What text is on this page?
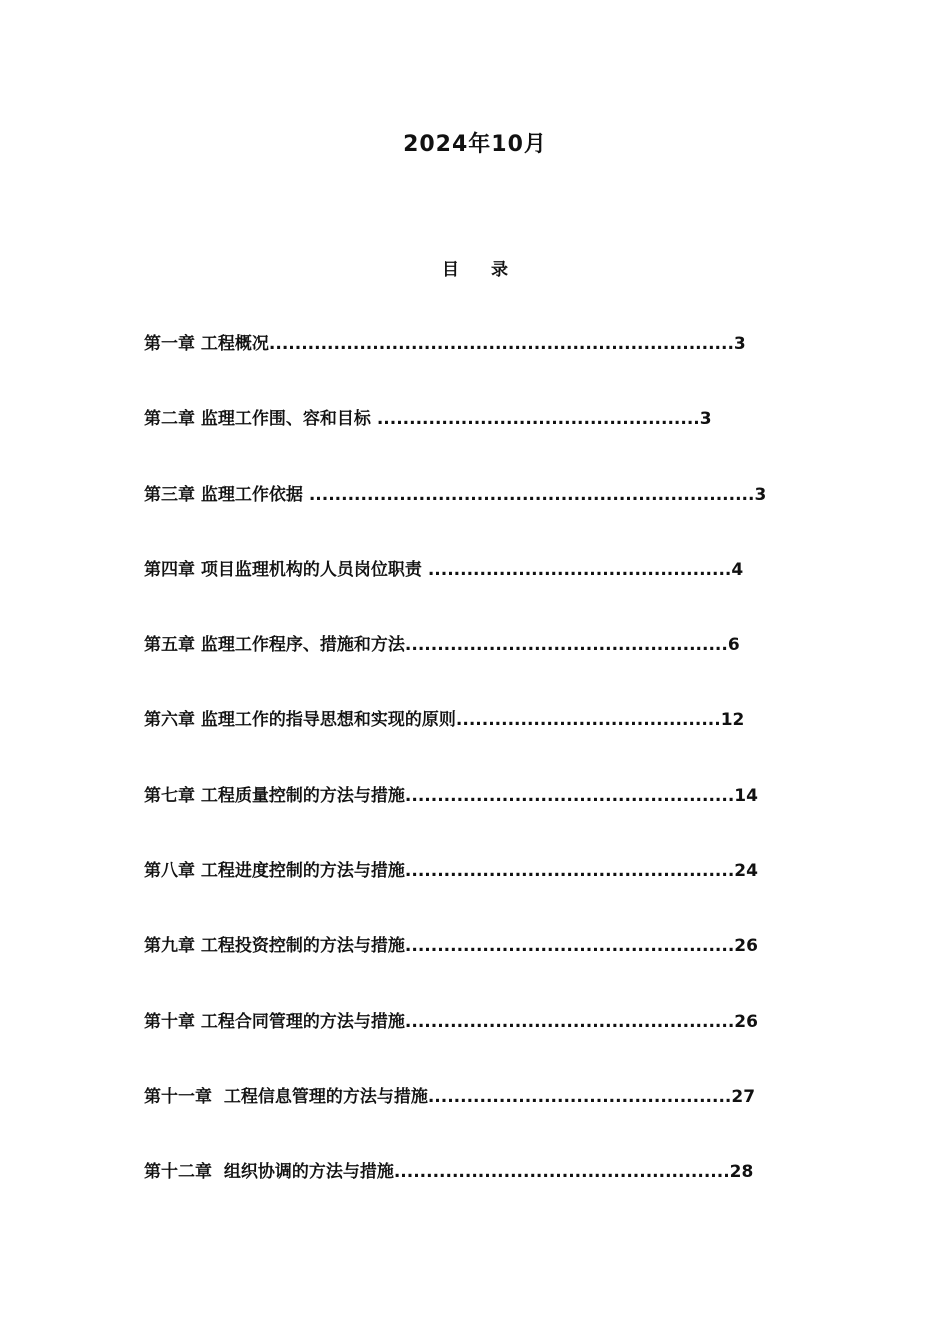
2024年10月
目 录
第一章 工程概况........................................................................3
第二章 监理工作围、容和目标 ..................................................3
第三章 监理工作依据 .....................................................................3
第四章 项目监理机构的人员岗位职责 ...............................................4
第五章 监理工作程序、措施和方法..................................................6
第六章 监理工作的指导思想和实现的原则.........................................12
第七章 工程质量控制的方法与措施...................................................14
第八章 工程进度控制的方法与措施...................................................24
第九章 工程投资控制的方法与措施...................................................26
第十章 工程合同管理的方法与措施...................................................26
第十一章  工程信息管理的方法与措施...............................................27
第十二章  组织协调的方法与措施....................................................28
